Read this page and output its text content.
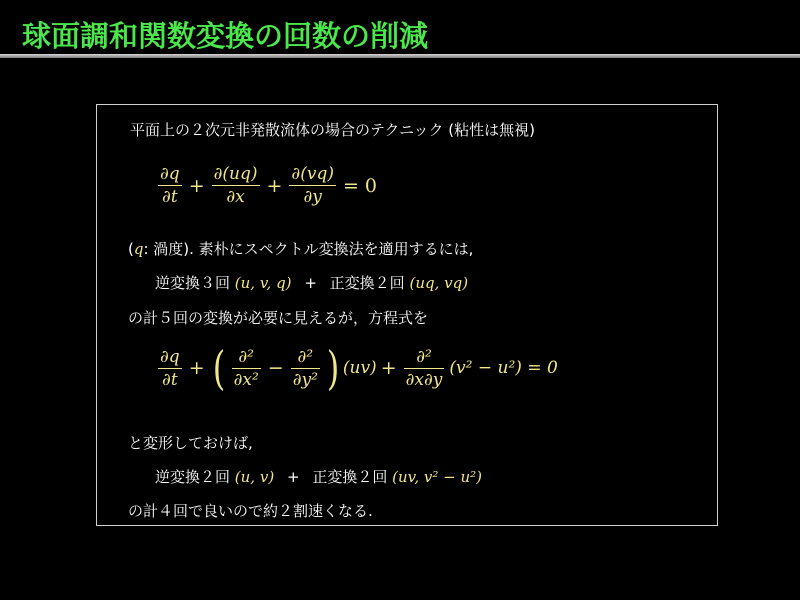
球面調和関数変換の回数の削減
平面上の２次元非発散流体の場合のテクニック (粘性は無視)
$\frac{\partial q}{\partial t} + \frac{\partial(uq)}{\partial x} + \frac{\partial(vq)}{\partial y} = 0$
(q: 渦度). 素朴にスペクトル変換法を適用するには,
逆変換３回 (u, v, q) + 正変換２回 (uq, vq)
の計５回の変換が必要に見えるが，方程式を
$\frac{\partial q}{\partial t}$ + ( $\frac{\text{∂²}}{\text{∂x²}} - \frac{\text{∂²}}{\text{∂y²}}$ ) $(uv) + \frac{\text{∂²}}{\partial x\partial y} (v^2 - u^2) = 0$
と変形しておけば,
逆変換２回 (u, v) + 正変換２回 (uv, v² − u²)
の計４回で良いので約２割速くなる.
